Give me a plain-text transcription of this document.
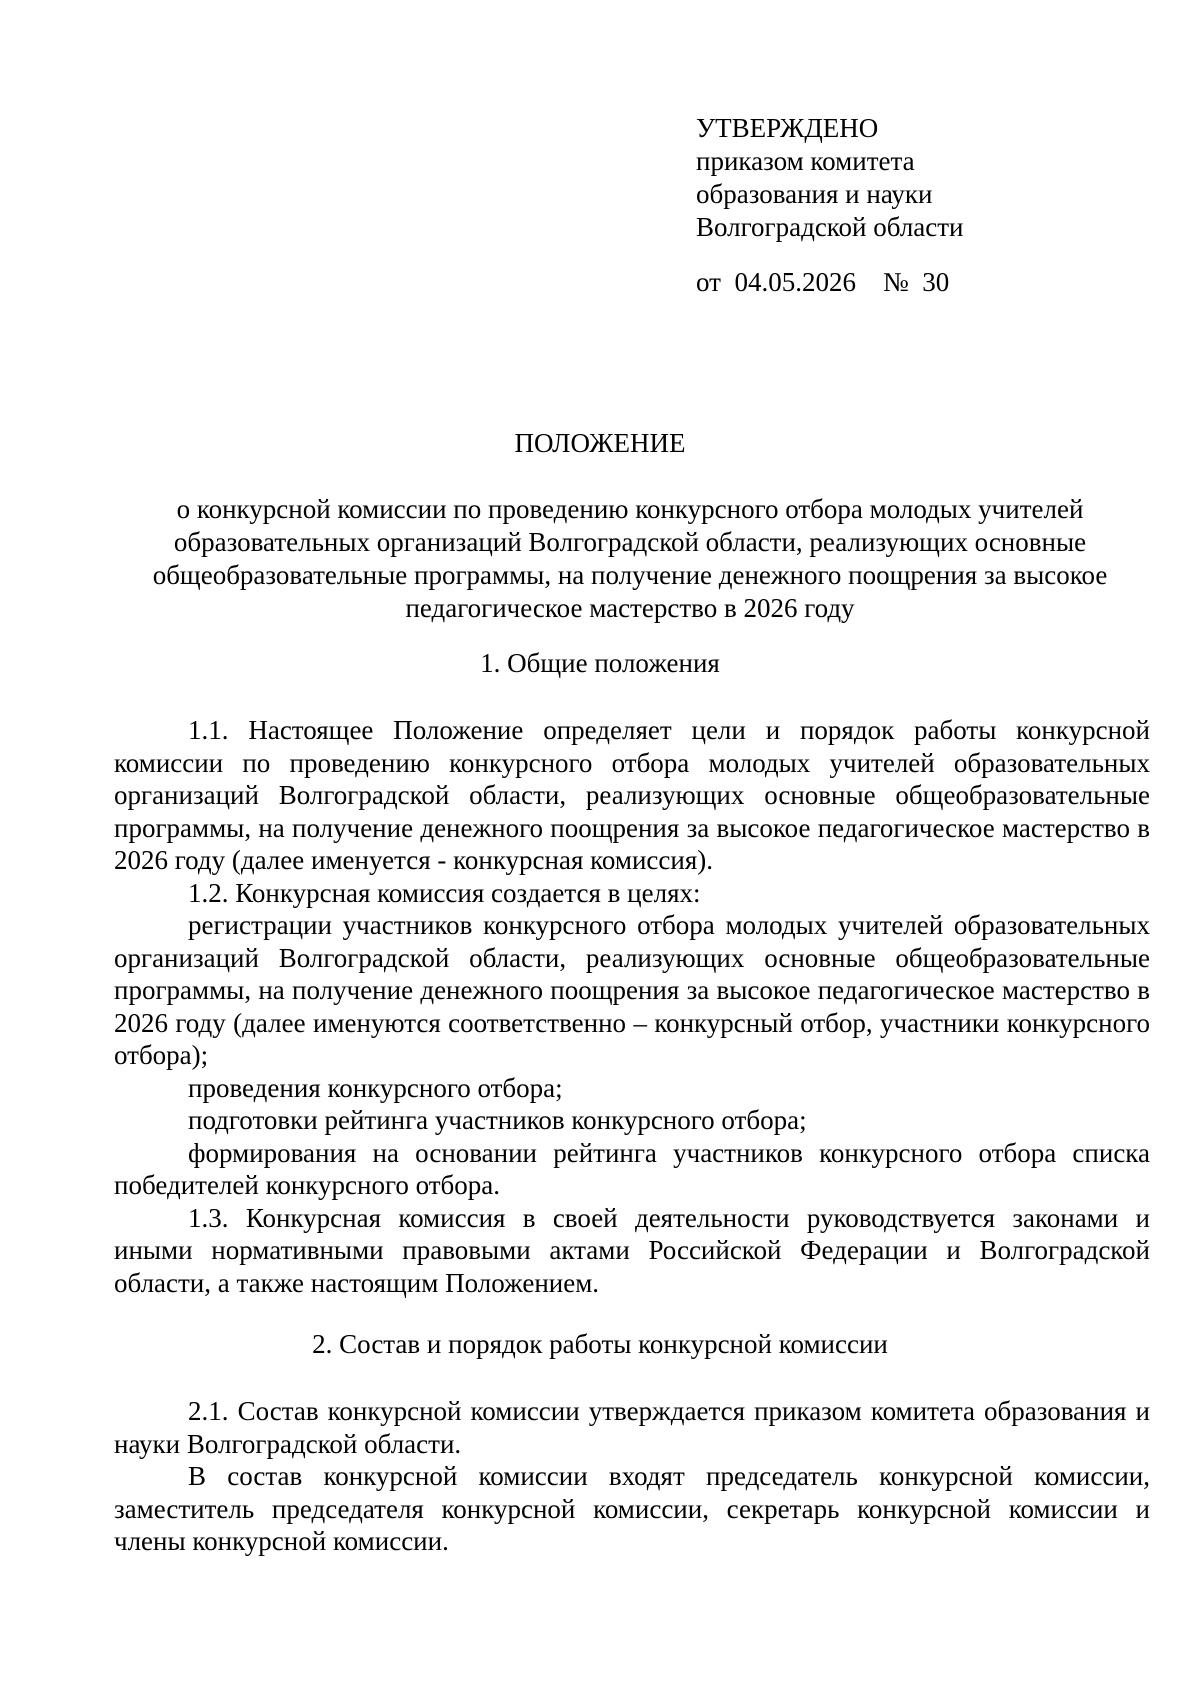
УТВЕРЖДЕНО
приказом комитета
образования и науки
Волгоградской области
от  04.05.2026    №  30
ПОЛОЖЕНИЕ
о конкурсной комиссии по проведению конкурсного отбора молодых учителей образовательных организаций Волгоградской области, реализующих основные общеобразовательные программы, на получение денежного поощрения за высокое педагогическое мастерство в 2026 году
1. Общие положения

1.1. Настоящее Положение определяет цели и порядок работы конкурсной комиссии по проведению конкурсного отбора молодых учителей образовательных организаций Волгоградской области, реализующих основные общеобразовательные программы, на получение денежного поощрения за высокое педагогическое мастерство в 2026 году (далее именуется - конкурсная комиссия).

1.2. Конкурсная комиссия создается в целях:

регистрации участников конкурсного отбора молодых учителей образовательных организаций Волгоградской области, реализующих основные общеобразовательные программы, на получение денежного поощрения за высокое педагогическое мастерство в 2026 году (далее именуются соответственно – конкурсный отбор, участники конкурсного отбора);

проведения конкурсного отбора;

подготовки рейтинга участников конкурсного отбора;

формирования на основании рейтинга участников конкурсного отбора списка победителей конкурсного отбора.

1.3. Конкурсная комиссия в своей деятельности руководствуется законами и иными нормативными правовыми актами Российской Федерации и Волгоградской области, а также настоящим Положением.

2. Состав и порядок работы конкурсной комиссии

2.1. Состав конкурсной комиссии утверждается приказом комитета образования и науки Волгоградской области.

В состав конкурсной комиссии входят председатель конкурсной комиссии, заместитель председателя конкурсной комиссии, секретарь конкурсной комиссии и члены конкурсной комиссии.
